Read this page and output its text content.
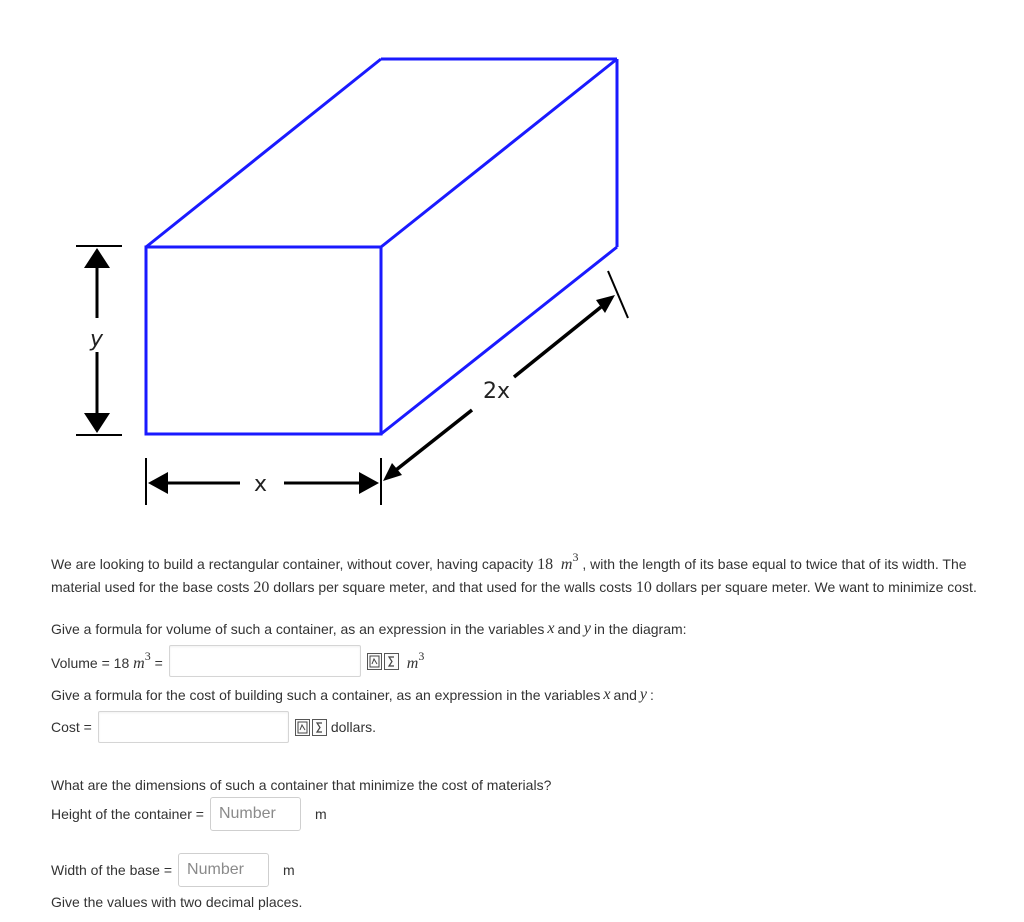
y
x
2x
We are looking to build a rectangular container, without cover, having capacity 18 m3 , with the length of its base equal to twice that of its width. The
material used for the base costs 20 dollars per square meter, and that used for the walls costs 10 dollars per square meter. We want to minimize cost.
Give a formula for volume of such a container, as an expression in the variables x and y in the diagram:
Volume = 18 m3 =	m3
Give a formula for the cost of building such a container, as an expression in the variables x and y :
Cost =	dollars.
What are the dimensions of such a container that minimize the cost of materials?
Height of the container =
Number	m
Width of the base =
Number	m
Give the values with two decimal places.
